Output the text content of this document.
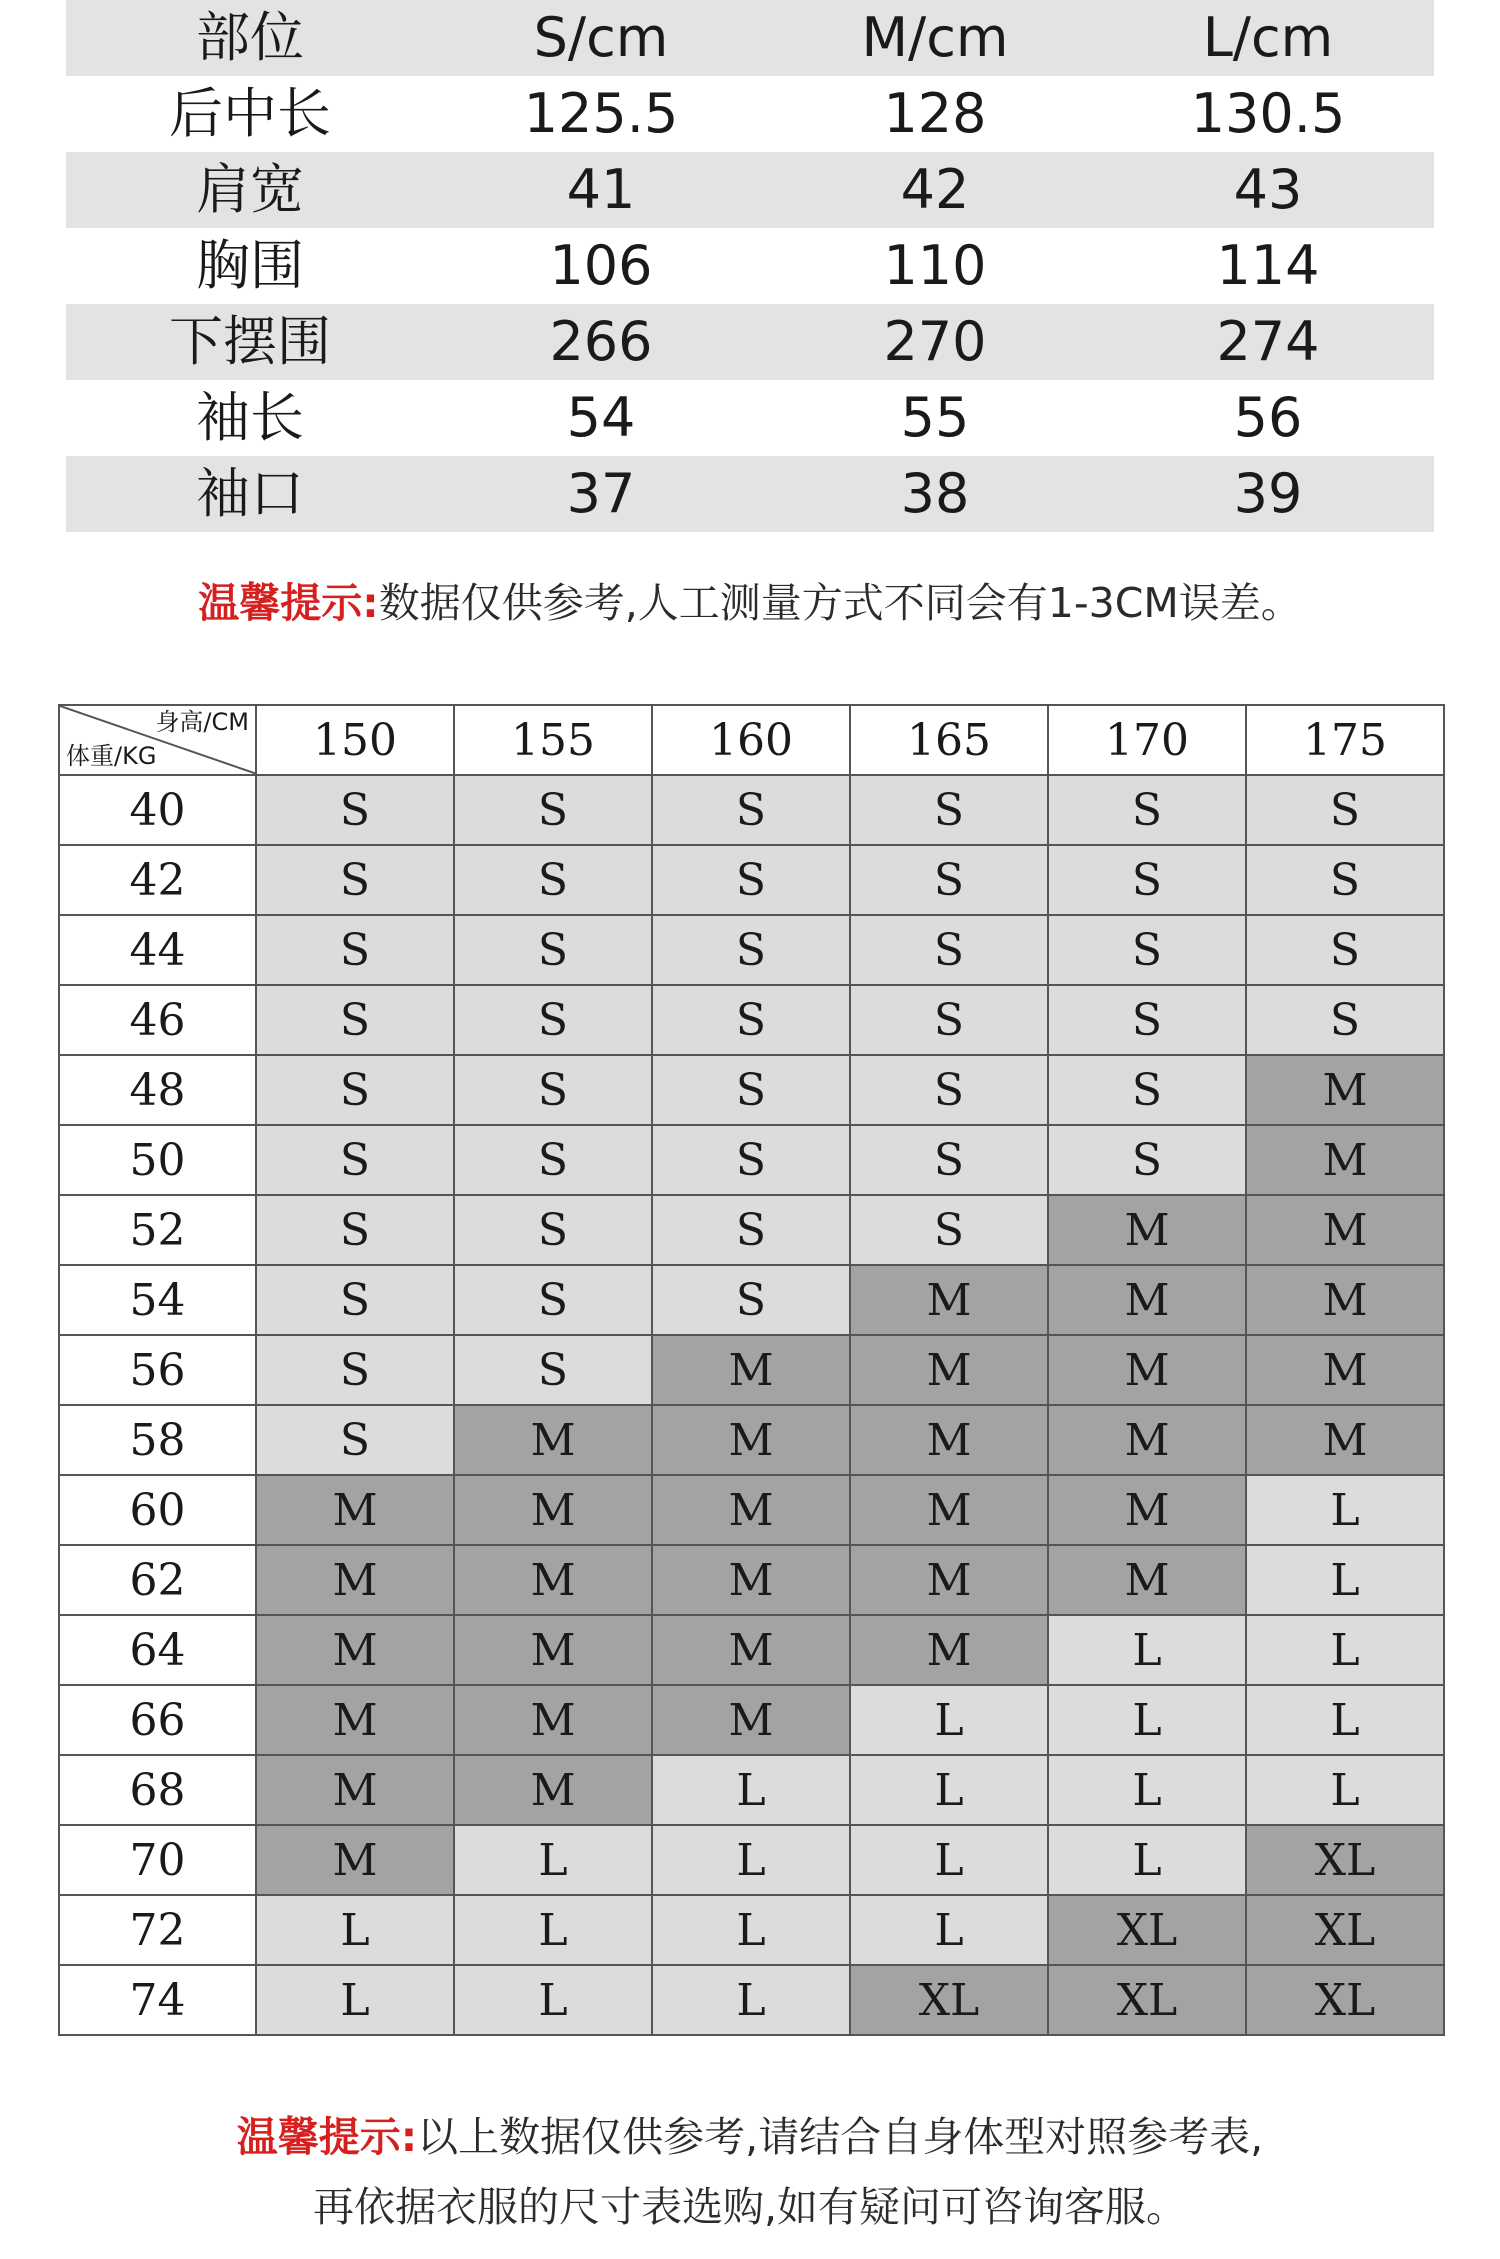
部位	S/cm	M/cm	L/cm
后中长	125.5	128	130.5
肩宽	41	42	43
胸围	106	110	114
下摆围	266	270	274
袖长	54	55	56
袖口	37	38	39
温馨提示:数据仅供参考,人工测量方式不同会有1-3CM误差。
身高/CM
体重/KG	150	155	160	165	170	175
40	S	S	S	S	S	S
42	S	S	S	S	S	S
44	S	S	S	S	S	S
46	S	S	S	S	S	S
48	S	S	S	S	S	M
50	S	S	S	S	S	M
52	S	S	S	S	M	M
54	S	S	S	M	M	M
56	S	S	M	M	M	M
58	S	M	M	M	M	M
60	M	M	M	M	M	L
62	M	M	M	M	M	L
64	M	M	M	M	L	L
66	M	M	M	L	L	L
68	M	M	L	L	L	L
70	M	L	L	L	L	XL
72	L	L	L	L	XL	XL
74	L	L	L	XL	XL	XL
温馨提示:以上数据仅供参考,请结合自身体型对照参考表,
再依据衣服的尺寸表选购,如有疑问可咨询客服。
